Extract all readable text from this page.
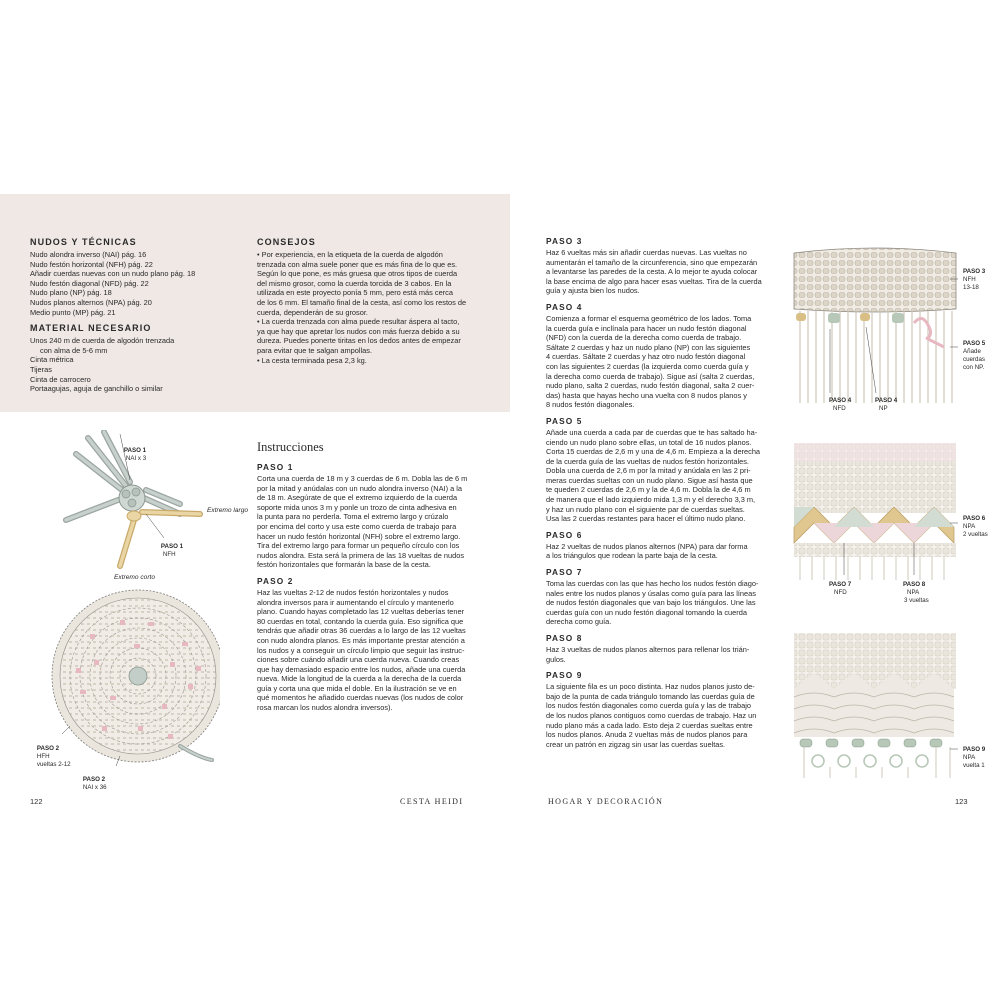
NUDOS Y TÉCNICAS
Nudo alondra inverso (NAI) pág. 16
Nudo festón horizontal (NFH) pág. 22
Añadir cuerdas nuevas con un nudo plano pág. 18
Nudo festón diagonal (NFD) pág. 22
Nudo plano (NP) pág. 18
Nudos planos alternos (NPA) pág. 20
Medio punto (MP) pág. 21
MATERIAL NECESARIO
Unos 240 m de cuerda de algodón trenzada
con alma de 5-6 mm
Cinta métrica
Tijeras
Cinta de carrocero
Portaagujas, aguja de ganchillo o similar
CONSEJOS
• Por experiencia, en la etiqueta de la cuerda de algodón
trenzada con alma suele poner que es más fina de lo que es.
Según lo que pone, es más gruesa que otros tipos de cuerda
del mismo grosor, como la cuerda torcida de 3 cabos. En la
utilizada en este proyecto ponía 5 mm, pero está más cerca
de los 6 mm. El tamaño final de la cesta, así como los restos de
cuerda, dependerán de su grosor.
• La cuerda trenzada con alma puede resultar áspera al tacto,
ya que hay que apretar los nudos con más fuerza debido a su
dureza. Puedes ponerte tiritas en los dedos antes de empezar
para evitar que te salgan ampollas.
• La cesta terminada pesa 2,3 kg.

PASO 1

NAI x 3

Extremo largo

PASO 1

NFH

Extremo corto

PASO 2

HFH

vueltas 2-12

PASO 2

NAI x 36

Instrucciones
PASO 1
Corta una cuerda de 18 m y 3 cuerdas de 6 m. Dobla las de 6 m
por la mitad y anúdalas con un nudo alondra inverso (NAI) a la
de 18 m. Asegúrate de que el extremo izquierdo de la cuerda
soporte mida unos 3 m y ponle un trozo de cinta adhesiva en
la punta para no perderla. Toma el extremo largo y crúzalo
por encima del corto y usa este como cuerda de trabajo para
hacer un nudo festón horizontal (NFH) sobre el extremo largo.
Tira del extremo largo para formar un pequeño círculo con los
nudos alondra. Esta será la primera de las 18 vueltas de nudos
festón horizontales que formarán la base de la cesta.
PASO 2
Haz las vueltas 2-12 de nudos festón horizontales y nudos
alondra inversos para ir aumentando el círculo y mantenerlo
plano. Cuando hayas completado las 12 vueltas deberías tener
80 cuerdas en total, contando la cuerda guía. Eso significa que
tendrás que añadir otras 36 cuerdas a lo largo de las 12 vueltas
con nudo alondra planos. Es más importante prestar atención a
los nudos y a conseguir un círculo limpio que seguir las instruc-
ciones sobre cuándo añadir una cuerda nueva. Cuando creas
que hay demasiado espacio entre los nudos, añade una cuerda
nueva. Mide la longitud de la cuerda a la derecha de la cuerda
guía y corta una que mida el doble. En la ilustración se ve en
qué momentos he añadido cuerdas nuevas (los nudos de color
rosa marcan los nudos alondra inversos).
122	CESTA HEIDI
PASO 3
Haz 6 vueltas más sin añadir cuerdas nuevas. Las vueltas no
aumentarán el tamaño de la circunferencia, sino que empezarán
a levantarse las paredes de la cesta. A lo mejor te ayuda colocar
la base encima de algo para hacer esas vueltas. Tira de la cuerda
guía y ajusta bien los nudos.
PASO 4
Comienza a formar el esquema geométrico de los lados. Toma
la cuerda guía e inclínala para hacer un nudo festón diagonal
(NFD) con la cuerda de la derecha como cuerda de trabajo.
Sáltate 2 cuerdas y haz un nudo plano (NP) con las siguientes
4 cuerdas. Sáltate 2 cuerdas y haz otro nudo festón diagonal
con las siguientes 2 cuerdas (la izquierda como cuerda guía y
la derecha como cuerda de trabajo). Sigue así (salta 2 cuerdas,
nudo plano, salta 2 cuerdas, nudo festón diagonal, salta 2 cuer-
das) hasta que hayas hecho una vuelta con 8 nudos planos y
8 nudos festón diagonales.
PASO 5
Añade una cuerda a cada par de cuerdas que te has saltado ha-
ciendo un nudo plano sobre ellas, un total de 16 nudos planos.
Corta 15 cuerdas de 2,6 m y una de 4,6 m. Empieza a la derecha
de la cuerda guía de las vueltas de nudos festón horizontales.
Dobla una cuerda de 2,6 m por la mitad y anúdala en las 2 pri-
meras cuerdas sueltas con un nudo plano. Sigue así hasta que
te queden 2 cuerdas de 2,6 m y la de 4,6 m. Dobla la de 4,6 m
de manera que el lado izquierdo mida 1,3 m y el derecho 3,3 m,
y haz un nudo plano con el siguiente par de cuerdas sueltas.
Usa las 2 cuerdas restantes para hacer el último nudo plano.
PASO 6
Haz 2 vueltas de nudos planos alternos (NPA) para dar forma
a los triángulos que rodean la parte baja de la cesta.
PASO 7
Toma las cuerdas con las que has hecho los nudos festón diago-
nales entre los nudos planos y úsalas como guía para las líneas
de nudos festón diagonales que van bajo los triángulos. Une las
cuerdas guía con un nudo festón diagonal tomando la cuerda
derecha como guía.
PASO 8
Haz 3 vueltas de nudos planos alternos para rellenar los trián-
gulos.
PASO 9
La siguiente fila es un poco distinta. Haz nudos planos justo de-
bajo de la punta de cada triángulo tomando las cuerdas guía de
los nudos festón diagonales como cuerda guía y las de trabajo
de los nudos planos contiguos como cuerdas de trabajo. Haz un
nudo plano más a cada lado. Esto deja 2 cuerdas sueltas entre
los nudos planos. Anuda 2 vueltas más de nudos planos para
crear un patrón en zigzag sin usar las cuerdas sueltas.
PASO 3
NFH
13-18
PASO 5
Añade
cuerdas
con NP.
PASO 4
NFD
PASO 4
NP
PASO 6
NPA
2 vueltas
PASO 7
NFD
PASO 8
NPA
3 vueltas
PASO 9
NPA
vuelta 1
HOGAR Y DECORACIÓN	123
